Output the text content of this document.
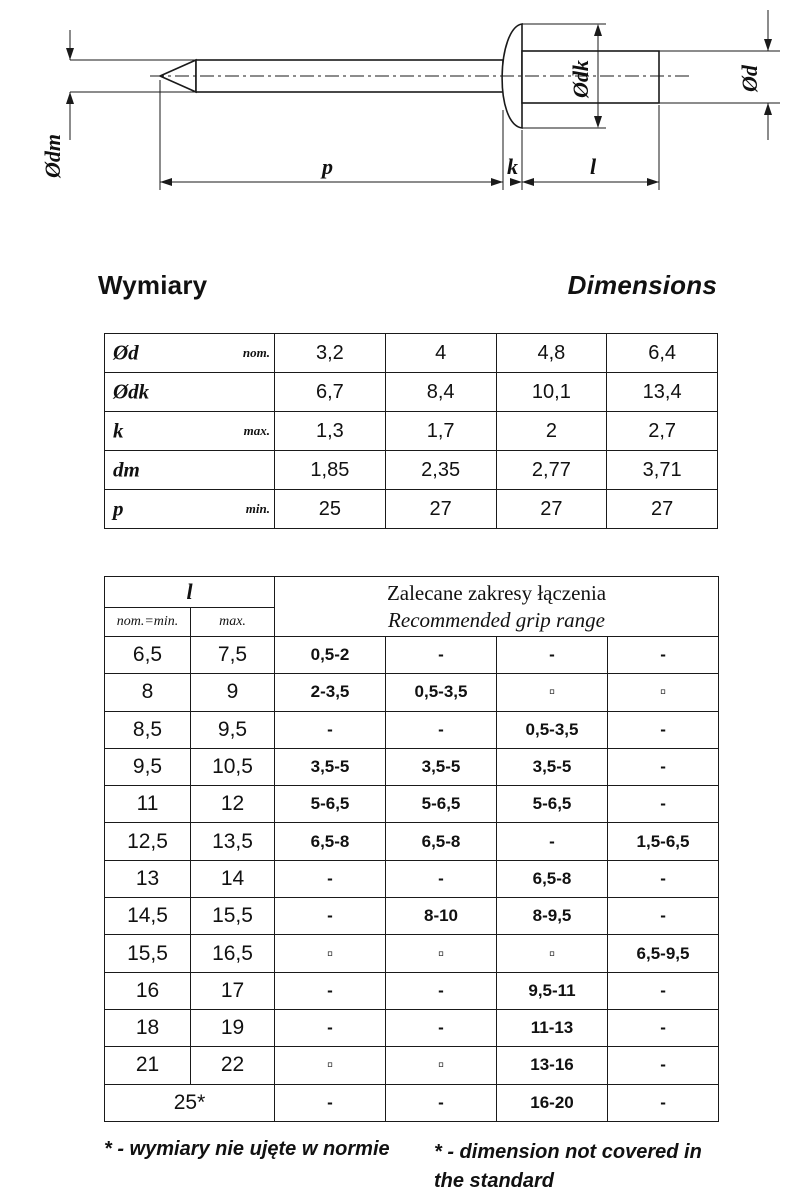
Ødm
Ødk	Ød
p	k	l
Wymiary	Dimensions
Ød nom.	3,2	4	4,8	6,4

Ødk	6,7	8,4	10,1	13,4

k max.	1,3	1,7	2	2,7

dm	1,85	2,35	2,77	3,71

p min.	25	27	27	27
l		Zalecane zakresy łączenia
Recommended grip range			

nom.=min.	max.				
6,5	7,5	0,5-2	-	-	-
8	9	2-3,5	0,5-3,5	▫	▫
8,5	9,5	-	-	0,5-3,5	-
9,5	10,5	3,5-5	3,5-5	3,5-5	-
11	12	5-6,5	5-6,5	5-6,5	-
12,5	13,5	6,5-8	6,5-8	-	1,5-6,5
13	14	-	-	6,5-8	-
14,5	15,5	-	8-10	8-9,5	-
15,5	16,5	▫	▫	▫	6,5-9,5
16	17	-	-	9,5-11	-
18	19	-	-	11-13	-
21	22	▫	▫	13-16	-
25*		-	-	16-20	-
* - wymiary nie ujęte w normie * - dimension not covered in the standard
